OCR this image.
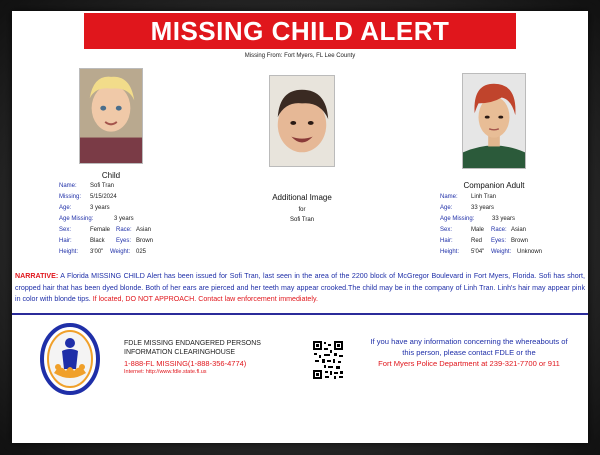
MISSING CHILD ALERT
Missing From: Fort Myers, FL Lee County
Child
Name:	Sofi Tran
Missing:	5/15/2024
Age:	3 years
Age Missing:	3 years
Sex:	Female Race: Asian
Hair:	Black	Eyes: Brown
Height:	3'00"	Weight: 025
Additional Image
for
Sofi Tran
Companion Adult
Name:	Linh Tran
Age:	33 years
Age Missing:	33 years
Sex:	Male	Race: Asian
Hair:	Red	Eyes: Brown
Height:	5'04"	Weight: Unknown
NARRATIVE: A Florida MISSING CHILD Alert has been issued for Sofi Tran, last seen in the area of the 2200 block of McGregor Boulevard in Fort Myers, Florida. Sofi has short, cropped hair that has been dyed blonde. Both of her ears are pierced and her teeth may appear crooked.The child may be in the company of Linh Tran. Linh's hair may appear pink in color with blonde tips. If located, DO NOT APPROACH. Contact law enforcement immediately.
FDLE MISSING ENDANGERED PERSONS
INFORMATION CLEARINGHOUSE
1-888-FL MISSING(1-888-356-4774)
Internet: http://www.fdle.state.fl.us
If you have any information concerning the whereabouts of
this person, please contact FDLE or the
Fort Myers Police Department at 239-321-7700 or 911
